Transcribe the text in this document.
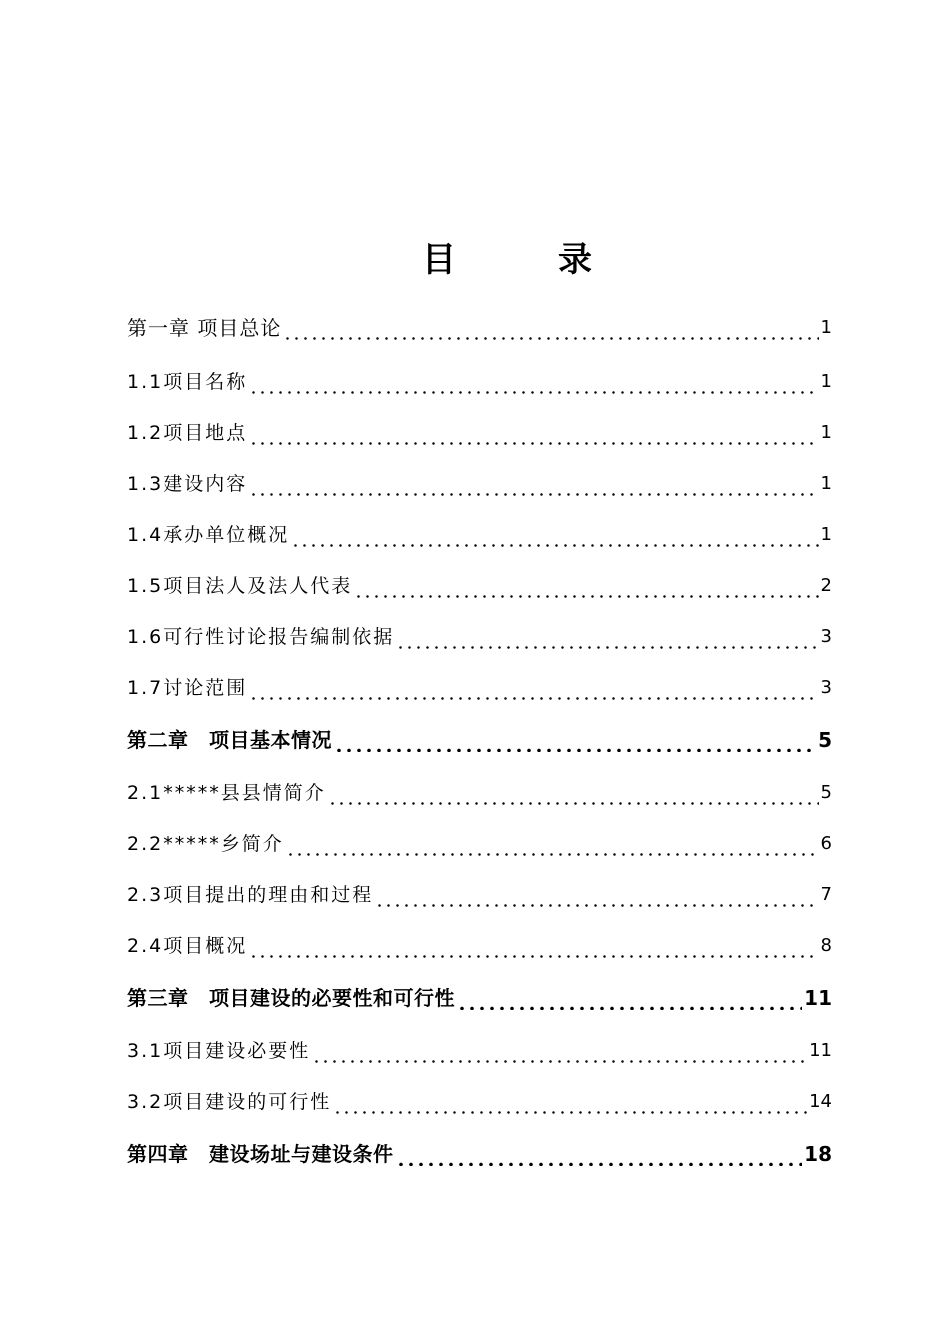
目	录
第一章 项目总论	1
1.1项目名称	1
1.2项目地点	1
1.3建设内容	1
1.4承办单位概况	1
1.5项目法人及法人代表	2
1.6可行性讨论报告编制依据	3
1.7讨论范围	3
第二章　项目基本情况	5
2.1*****县县情简介	5
2.2*****乡简介	6
2.3项目提出的理由和过程	7
2.4项目概况	8
第三章　项目建设的必要性和可行性	11
3.1项目建设必要性	11
3.2项目建设的可行性	14
第四章　建设场址与建设条件	18
